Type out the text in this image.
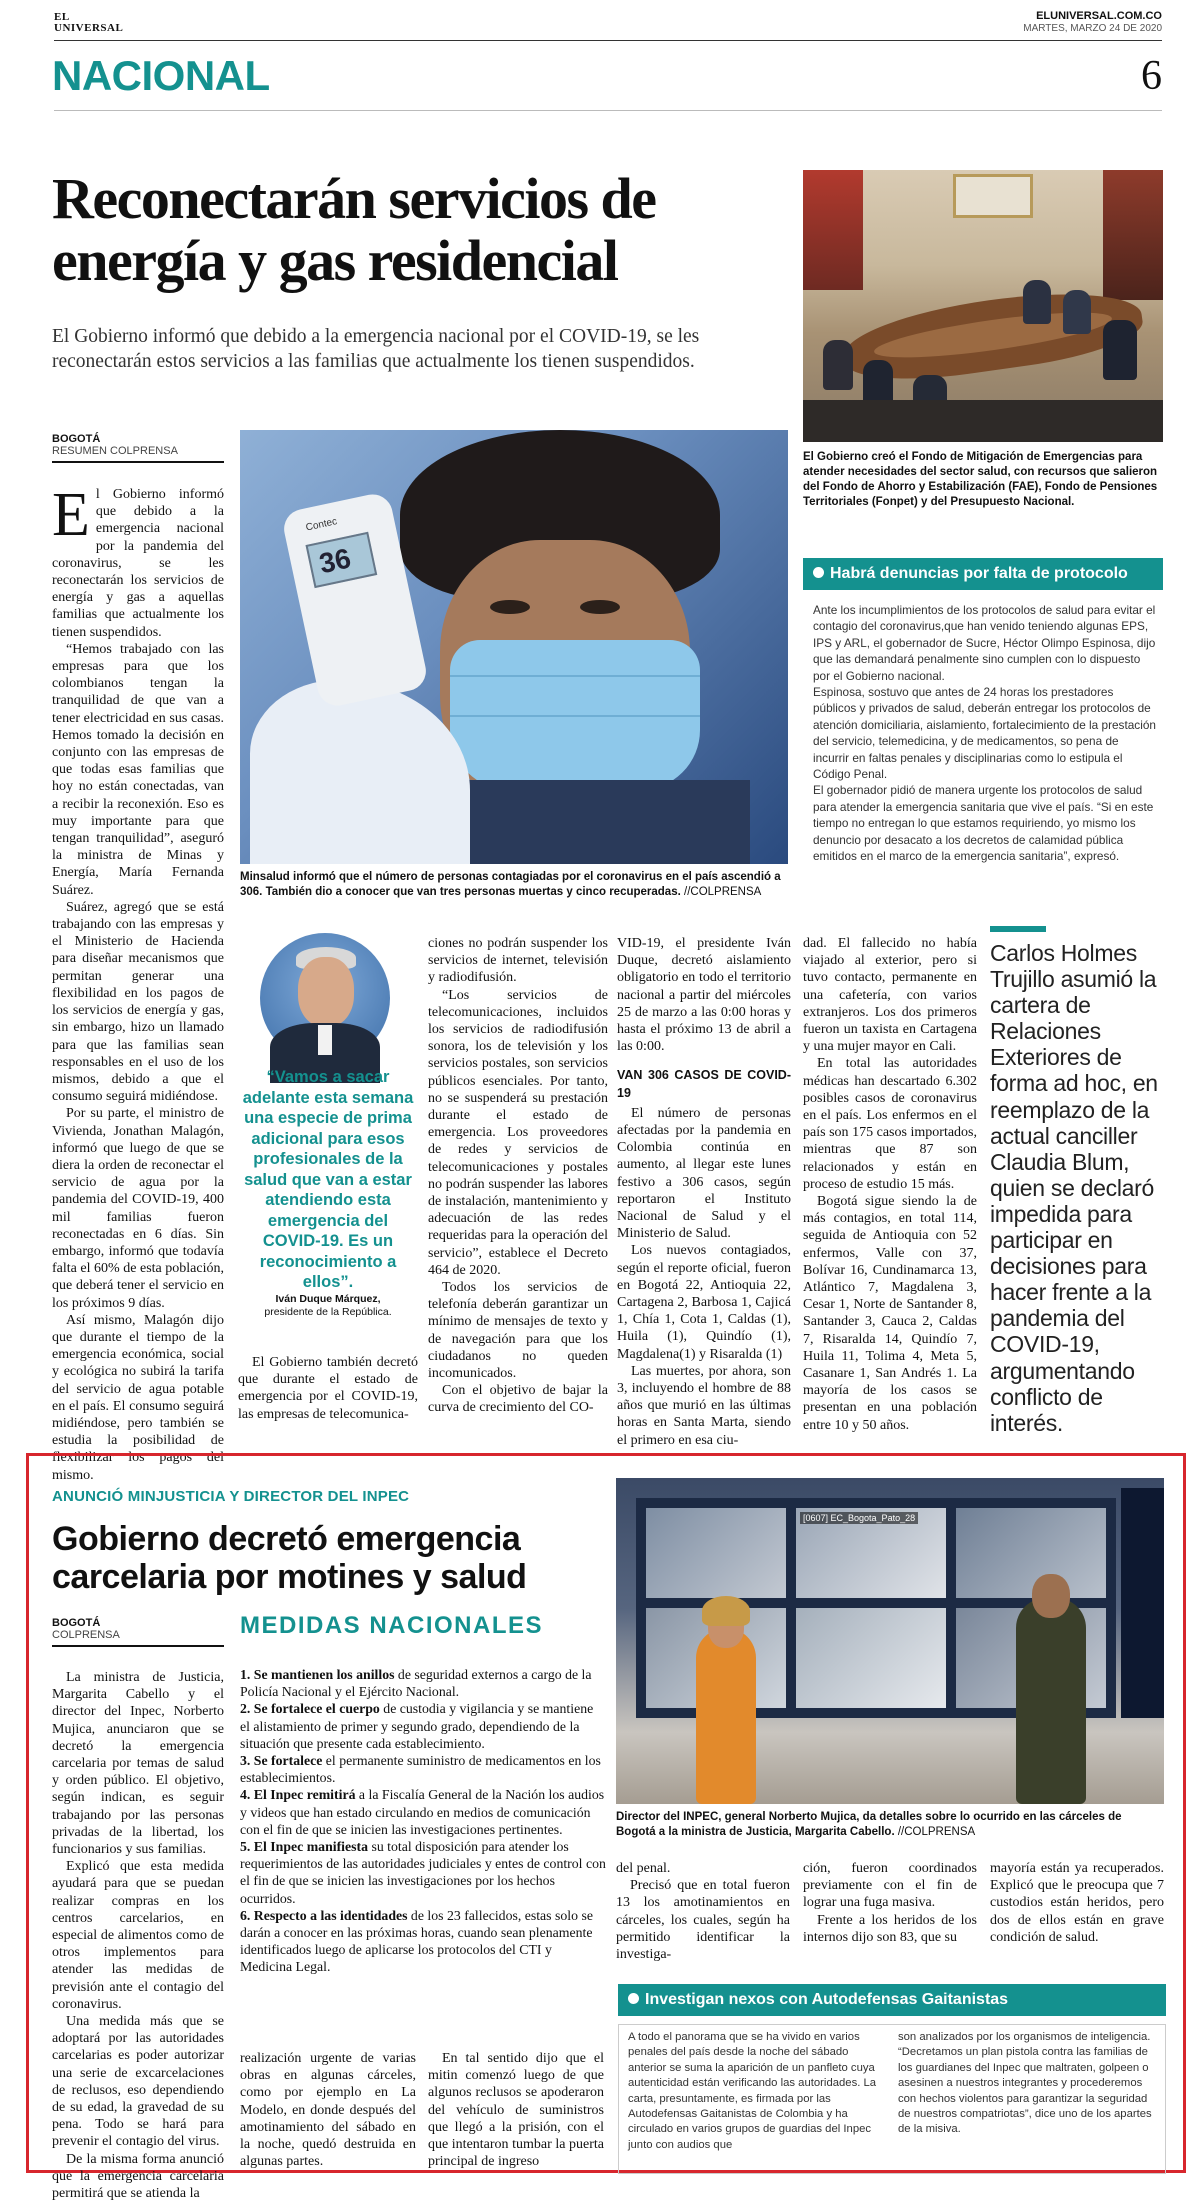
EL
UNIVERSAL
ELUNIVERSAL.COM.CO
MARTES, MARZO 24 DE 2020
NACIONAL	6
Reconectarán servicios de
energía y gas residencial
El Gobierno informó que debido a la emergencia nacional por el COVID-19, se les reconectarán estos servicios a las familias que actualmente los tienen suspendidos.
El Gobierno creó el Fondo de Mitigación de Emergencias para atender necesidades del sector salud, con recursos que salieron del Fondo de Ahorro y Estabilización (FAE), Fondo de Pensiones Territoriales (Fonpet) y del Presupuesto Nacional.
BOGOTÁ
RESUMEN COLPRENSA
E l Gobierno informó que debido a la emergencia nacional por la pandemia del coronavirus, se les reconectarán los servicios de energía y gas a aquellas familias que actualmente los tienen suspendidos.

“Hemos trabajado con las empresas para que los colombianos tengan la tranquilidad de que van a tener electricidad en sus casas. Hemos tomado la decisión en conjunto con las empresas de que todas esas familias que hoy no están conectadas, van a recibir la reconexión. Eso es muy importante para que tengan tranquilidad”, aseguró la ministra de Minas y Energía, María Fernanda Suárez.

Suárez, agregó que se está trabajando con las empresas y el Ministerio de Hacienda para diseñar mecanismos que permitan generar una flexibilidad en los pagos de los servicios de energía y gas, sin embargo, hizo un llamado para que las familias sean responsables en el uso de los mismos, debido a que el consumo seguirá midiéndose.

Por su parte, el ministro de Vivienda, Jonathan Malagón, informó que luego de que se diera la orden de reconectar el servicio de agua por la pandemia del COVID-19, 400 mil familias fueron reconectadas en 6 días. Sin embargo, informó que todavía falta el 60% de esta población, que deberá tener el servicio en los próximos 9 días.

Así mismo, Malagón dijo que durante el tiempo de la emergencia económica, social y ecológica no subirá la tarifa del servicio de agua potable en el país. El consumo seguirá midiéndose, pero también se estudia la posibilidad de flexibilizar los pagos del mismo.

Contec
36
Minsalud informó que el número de personas contagiadas por el coronavirus en el país ascendió a 306. También dio a conocer que van tres personas muertas y cinco recuperadas. //COLPRENSA
Habrá denuncias por falta de protocolo

Ante los incumplimientos de los protocolos de salud para evitar el contagio del coronavirus,que han venido teniendo algunas EPS, IPS y ARL, el gobernador de Sucre, Héctor Olimpo Espinosa, dijo que las demandará penalmente sino cumplen con lo dispuesto por el Gobierno nacional.

Espinosa, sostuvo que antes de 24 horas los prestadores públicos y privados de salud, deberán entregar los protocolos de atención domiciliaria, aislamiento, fortalecimiento de la prestación del servicio, telemedicina, y de medicamentos, so pena de incurrir en faltas penales y disciplinarias como lo estipula el Código Penal.

El gobernador pidió de manera urgente los protocolos de salud para atender la emergencia sanitaria que vive el país. “Si en este tiempo no entregan lo que estamos requiriendo, yo mismo los denuncio por desacato a los decretos de calamidad pública emitidos en el marco de la emergencia sanitaria”, expresó.

“Vamos a sacar adelante esta semana una especie de prima adicional para esos profesionales de la salud que van a estar atendiendo esta emergencia del COVID-19. Es un reconocimiento a ellos”.
Iván Duque Márquez,
presidente de la República.

El Gobierno también decretó que durante el estado de emergencia por el COVID-19, las empresas de telecomunica-

ciones no podrán suspender los servicios de internet, televisión y radiodifusión.

“Los servicios de telecomunicaciones, incluidos los servicios de radiodifusión sonora, los de televisión y los servicios postales, son servicios públicos esenciales. Por tanto, no se suspenderá su prestación durante el estado de emergencia. Los proveedores de redes y servicios de telecomunicaciones y postales no podrán suspender las labores de instalación, mantenimiento y adecuación de las redes requeridas para la operación del servicio”, establece el Decreto 464 de 2020.

Todos los servicios de telefonía deberán garantizar un mínimo de mensajes de texto y de navegación para que los ciudadanos no queden incomunicados.

Con el objetivo de bajar la curva de crecimiento del CO-

VID-19, el presidente Iván Duque, decretó aislamiento obligatorio en todo el territorio nacional a partir del miércoles 25 de marzo a las 0:00 horas y hasta el próximo 13 de abril a las 0:00.

VAN 306 CASOS DE COVID-19

El número de personas afectadas por la pandemia en Colombia continúa en aumento, al llegar este lunes festivo a 306 casos, según reportaron el Instituto Nacional de Salud y el Ministerio de Salud.

Los nuevos contagiados, según el reporte oficial, fueron en Bogotá 22, Antioquia 22, Cartagena 2, Barbosa 1, Cajicá 1, Chía 1, Cota 1, Caldas (1), Huila (1), Quindío (1), Magdalena(1) y Risaralda (1)

Las muertes, por ahora, son 3, incluyendo el hombre de 88 años que murió en las últimas horas en Santa Marta, siendo el primero en esa ciu-

dad. El fallecido no había viajado al exterior, pero si tuvo contacto, permanente en una cafetería, con varios extranjeros. Los dos primeros fueron un taxista en Cartagena y una mujer mayor en Cali.

En total las autoridades médicas han descartado 6.302 posibles casos de coronavirus en el país. Los enfermos en el país son 175 casos importados, mientras que 87 son relacionados y están en proceso de estudio 15 más.

Bogotá sigue siendo la de más contagios, en total 114, seguida de Antioquia con 52 enfermos, Valle con 37, Bolívar 16, Cundinamarca 13, Atlántico 7, Magdalena 3, Cesar 1, Norte de Santander 8, Santander 3, Cauca 2, Caldas 7, Risaralda 14, Quindío 7, Huila 11, Tolima 4, Meta 5, Casanare 1, San Andrés 1. La mayoría de los casos se presentan en una población entre 10 y 50 años.

Carlos Holmes Trujillo asumió la cartera de Relaciones Exteriores de forma ad hoc, en reemplazo de la actual canciller Claudia Blum, quien se declaró impedida para participar en decisiones para hacer frente a la pandemia del COVID-19, argumentando conflicto de interés.
ANUNCIÓ MINJUSTICIA Y DIRECTOR DEL INPEC
Gobierno decretó emergencia
carcelaria por motines y salud
BOGOTÁ
COLPRENSA

La ministra de Justicia, Margarita Cabello y el director del Inpec, Norberto Mujica, anunciaron que se decretó la emergencia carcelaria por temas de salud y orden público. El objetivo, según indican, es seguir trabajando por las personas privadas de la libertad, los funcionarios y sus familias.

Explicó que esta medida ayudará para que se puedan realizar compras en los centros carcelarios, en especial de alimentos como de otros implementos para atender las medidas de previsión ante el contagio del coronavirus.

Una medida más que se adoptará por las autoridades carcelarias es poder autorizar una serie de excarcelaciones de reclusos, eso dependiendo de su edad, la gravedad de su pena. Todo se hará para prevenir el contagio del virus.

De la misma forma anunció que la emergencia carcelaria permitirá que se atienda la

MEDIDAS NACIONALES

1. Se mantienen los anillos de seguridad externos a cargo de la Policía Nacional y el Ejército Nacional.

2. Se fortalece el cuerpo de custodia y vigilancia y se mantiene el alistamiento de primer y segundo grado, dependiendo de la situación que presente cada establecimiento.

3. Se fortalece el permanente suministro de medicamentos en los establecimientos.

4. El Inpec remitirá a la Fiscalía General de la Nación los audios y videos que han estado circulando en medios de comunicación con el fin de que se inicien las investigaciones pertinentes.

5. El Inpec manifiesta su total disposición para atender los requerimientos de las autoridades judiciales y entes de control con el fin de que se inicien las investigaciones por los hechos ocurridos.

6. Respecto a las identidades de los 23 fallecidos, estas solo se darán a conocer en las próximas horas, cuando sean plenamente identificados luego de aplicarse los protocolos del CTI y Medicina Legal.

realización urgente de varias obras en algunas cárceles, como por ejemplo en La Modelo, en donde después del amotinamiento del sábado en la noche, quedó destruida en algunas partes.

En tal sentido dijo que el mitin comenzó luego de que algunos reclusos se apoderaron del vehículo de suministros que llegó a la prisión, con el que intentaron tumbar la puerta principal de ingreso

[0607] EC_Bogota_Pato_28
Director del INPEC, general Norberto Mujica, da detalles sobre lo ocurrido en las cárceles de Bogotá a la ministra de Justicia, Margarita Cabello. //COLPRENSA

del penal.

Precisó que en total fueron 13 los amotinamientos en cárceles, los cuales, según ha permitido identificar la investiga-

ción, fueron coordinados previamente con el fin de lograr una fuga masiva.

Frente a los heridos de los internos dijo son 83, que su

mayoría están ya recuperados. Explicó que le preocupa que 7 custodios están heridos, pero dos de ellos están en grave condición de salud.

Investigan nexos con Autodefensas Gaitanistas
A todo el panorama que se ha vivido en varios penales del país desde la noche del sábado anterior se suma la aparición de un panfleto cuya autenticidad están verificando las autoridades. La carta, presuntamente, es firmada por las Autodefensas Gaitanistas de Colombia y ha circulado en varios grupos de guardias del Inpec junto con audios que
son analizados por los organismos de inteligencia. “Decretamos un plan pistola contra las familias de los guardianes del Inpec que maltraten, golpeen o asesinen a nuestros integrantes y procederemos con hechos violentos para garantizar la seguridad de nuestros compatriotas”, dice uno de los apartes de la misiva.
